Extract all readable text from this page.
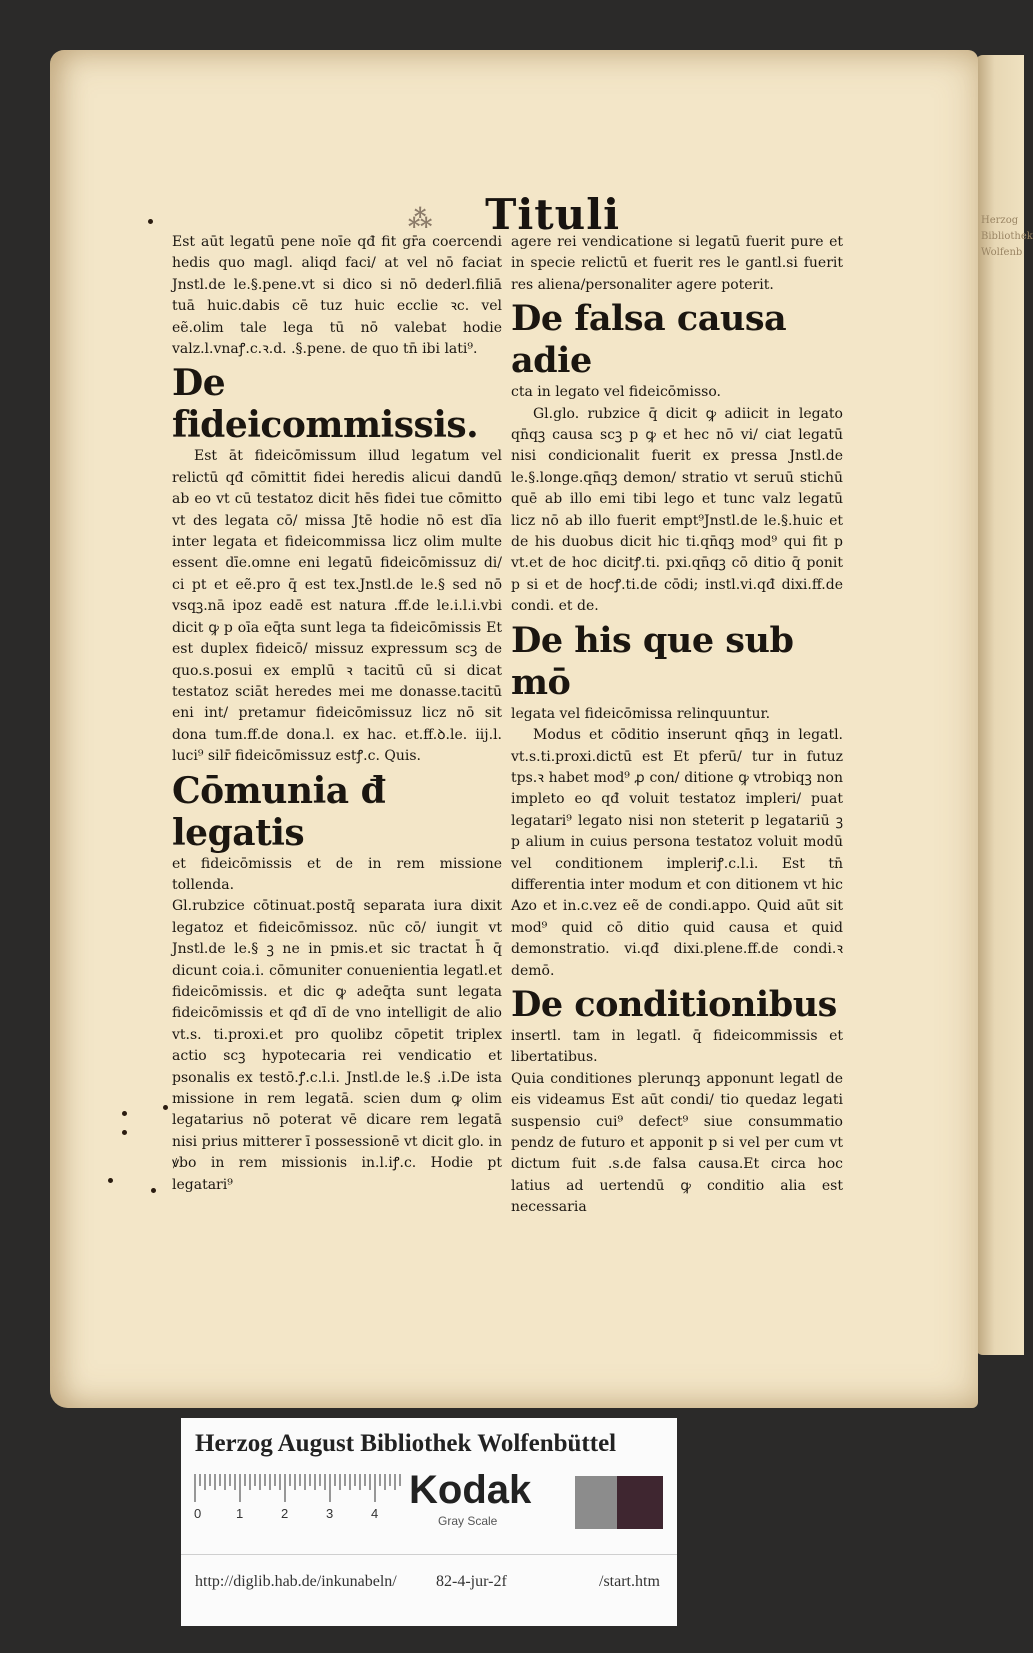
Herzog
Bibliothek
Wolfenb
⁂ Tituli

Est aūt legatū pene noīe qđ fit gr̄a coercendi hedis quo magl. aliqd faci/ at vel nō faciat Jnstl.de le.§.pene.vt si dico si nō dederl.filiā tuā huic.dabis cē tuz huic ecclie ꝛc. vel eẽ.olim tale lega tū nō valebat hodie valz.l.vnaꝭ.c.ꝛ.d. .§.pene. de quo tn̄ ibi lati⁹.

De fideicommissis.

Est āt fideicōmissum illud legatum vel relictū qđ cōmittit fidei heredis alicui dandū ab eo vt cū testatoz dicit hēs fidei tue cōmitto vt des legata cō/ missa Jtē hodie nō est dīa inter legata et fideicommissa licz olim multe essent dīe.omne eni legatū fideicōmissuz di/ ci pt et eẽ.pro q̄ est tex.Jnstl.de le.§ sed nō vsqꝫ.nā ipoz eadē est natura .ff.de le.i.l.i.vbi dicit ꝙ p oīa eq̄ta sunt lega ta fideicōmissis Et est duplex fideicō/ missuz expressum scꝫ de quo.s.posui ex emplū ꝛ tacitū cū si dicat testatoz sciāt heredes mei me donasse.tacitū eni int/ pretamur fideicōmissuz licz nō sit dona tum.ff.de dona.l. ex hac. et.ff.ꝺ.le. iij.l. luci⁹ silr̄ fideicōmissuz estꝭ.c. Quis.

Cōmunia đ legatis

et fideicōmissis et de in rem missione tollenda.

Gl.rubzice cōtinuat.postq̄ separata iura dixit legatoz et fideicōmissoz. nūc cō/ iungit vt Jnstl.de le.§ ꝫ ne in pmis.et sic tractat h̄ q̄ dicunt coia.i. cōmuniter conuenientia legatl.et fideicōmissis. et dic ꝙ adeq̄ta sunt legata fideicōmissis et qđ dī de vno intelligit de alio vt.s. ti.proxi.et pro quolibz cōpetit triplex actio scꝫ hypotecaria rei vendicatio et psonalis ex testō.ꝭ.c.l.i. Jnstl.de le.§ .i.De ista missione in rem legatā. scien dum ꝙ olim legatarius nō poterat vē dicare rem legatā nisi prius mitterer ī possessionē vt dicit glo. in ꝟbo in rem missionis in.l.iꝭ.c. Hodie pt legatari⁹

agere rei vendicatione si legatū fuerit pure et in specie relictū et fuerit res le gantl.si fuerit res aliena/personaliter agere poterit.

De falsa causa adie

cta in legato vel fideicōmisso.

Gl.glo. rubzice q̄ dicit ꝙ adiicit in legato qn̄qꝫ causa scꝫ p ꝙ et hec nō vi/ ciat legatū nisi condicionalit fuerit ex pressa Jnstl.de le.§.longe.qn̄qꝫ demon/ stratio vt seruū stichū quē ab illo emi tibi lego et tunc valz legatū licz nō ab illo fuerit empt⁹Jnstl.de le.§.huic et de his duobus dicit hic ti.qn̄qꝫ mod⁹ qui fit p vt.et de hoc dicitꝭ.ti. pxi.qn̄qꝫ cō ditio q̄ ponit p si et de hocꝭ.ti.de cōdi; instl.vi.qđ dixi.ff.de condi. et de.

De his que sub mō

legata vel fideicōmissa relinquuntur.

Modus et cōditio inserunt qn̄qꝫ in legatl. vt.s.ti.proxi.dictū est Et pferū/ tur in futuz tps.ꝛ habet mod⁹ ꝓ con/ ditione ꝙ vtrobiqꝫ non impleto eo qđ voluit testatoz impleri/ puat legatari⁹ legato nisi non steterit p legatariū ꝫ p alium in cuius persona testatoz voluit modū vel conditionem impleriꝭ.c.l.i. Est tn̄ differentia inter modum et con ditionem vt hic Azo et in.c.vez eẽ de condi.appo. Quid aūt sit mod⁹ quid cō ditio quid causa et quid demonstratio. vi.qđ dixi.plene.ff.de condi.ꝛ demō.

De conditionibus

insertl. tam in legatl. q̄ fideicommissis et libertatibus.

Quia conditiones plerunqꝫ apponunt legatl de eis videamus Est aūt condi/ tio quedaz legati suspensio cui⁹ defect⁹ siue consummatio pendz de futuro et apponit p si vel per cum vt dictum fuit .s.de falsa causa.Et circa hoc latius ad uertendū ꝙ conditio alia est necessaria

Herzog August Bibliothek Wolfenbüttel
0	1	2	3	4
Kodak
Gray Scale
http://diglib.hab.de/inkunabeln/ 82-4-jur-2f	/start.htm
